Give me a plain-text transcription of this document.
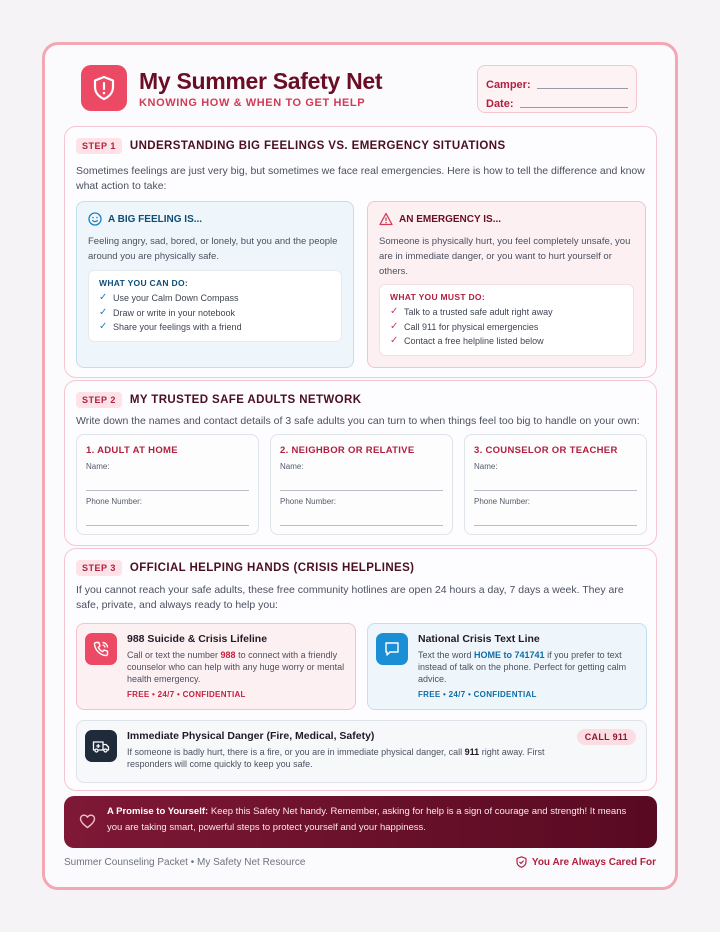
My Summer Safety Net
KNOWING HOW & WHEN TO GET HELP
Camper:
Date:
STEP 1	UNDERSTANDING BIG FEELINGS VS. EMERGENCY SITUATIONS
Sometimes feelings are just very big, but sometimes we face real emergencies. Here is how to tell the difference and know what action to take:
A BIG FEELING IS...
Feeling angry, sad, bored, or lonely, but you and the people around you are physically safe.
WHAT YOU CAN DO:
✓ Use your Calm Down Compass
✓ Draw or write in your notebook
✓ Share your feelings with a friend
AN EMERGENCY IS...
Someone is physically hurt, you feel completely unsafe, you are in immediate danger, or you want to hurt yourself or others.
WHAT YOU MUST DO:
✓ Talk to a trusted safe adult right away
✓ Call 911 for physical emergencies
✓ Contact a free helpline listed below
STEP 2	MY TRUSTED SAFE ADULTS NETWORK
Write down the names and contact details of 3 safe adults you can turn to when things feel too big to handle on your own:
1. ADULT AT HOME
Name:
Phone Number:
2. NEIGHBOR OR RELATIVE
Name:
Phone Number:
3. COUNSELOR OR TEACHER
Name:
Phone Number:
STEP 3	OFFICIAL HELPING HANDS (CRISIS HELPLINES)
If you cannot reach your safe adults, these free community hotlines are open 24 hours a day, 7 days a week. They are safe, private, and always ready to help you:
988 Suicide & Crisis Lifeline
Call or text the number 988 to connect with a friendly counselor who can help with any huge worry or mental health emergency.
FREE • 24/7 • CONFIDENTIAL
National Crisis Text Line
Text the word HOME to 741741 if you prefer to text instead of talk on the phone. Perfect for getting calm advice.
FREE • 24/7 • CONFIDENTIAL
Immediate Physical Danger (Fire, Medical, Safety)	CALL 911
If someone is badly hurt, there is a fire, or you are in immediate physical danger, call 911 right away. First responders will come quickly to keep you safe.
A Promise to Yourself: Keep this Safety Net handy. Remember, asking for help is a sign of courage and strength! It means you are taking smart, powerful steps to protect yourself and your happiness.
Summer Counseling Packet • My Safety Net Resource	You Are Always Cared For
